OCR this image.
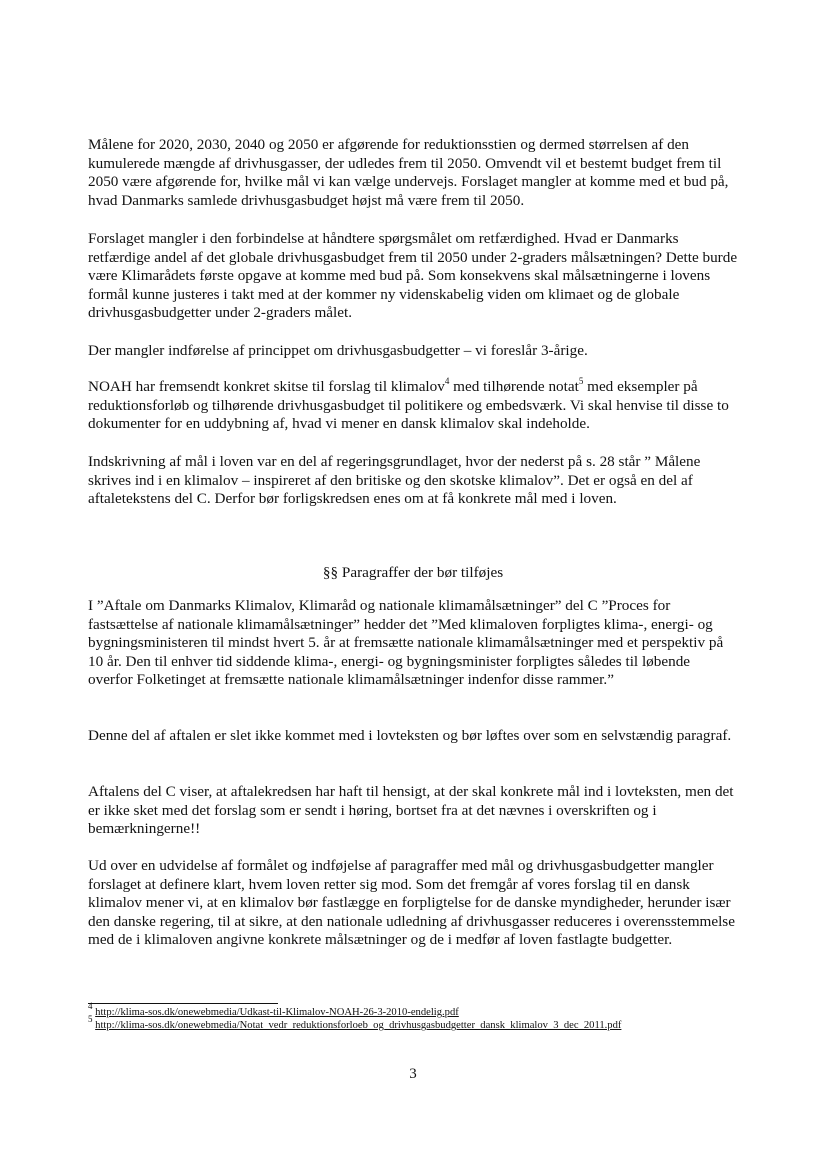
Målene for 2020, 2030, 2040 og 2050 er afgørende for reduktionsstien og dermed størrelsen af den kumulerede mængde af drivhusgasser, der udledes frem til 2050. Omvendt vil et bestemt budget frem til 2050 være afgørende for, hvilke mål vi kan vælge undervejs. Forslaget mangler at komme med et bud på, hvad Danmarks samlede drivhusgasbudget højst må være frem til 2050.

Forslaget mangler i den forbindelse at håndtere spørgsmålet om retfærdighed. Hvad er Danmarks retfærdige andel af det globale drivhusgasbudget frem til 2050 under 2-graders målsætningen? Dette burde være Klimarådets første opgave at komme med bud på. Som konsekvens skal målsætningerne i lovens formål kunne justeres i takt med at der kommer ny videnskabelig viden om klimaet og de globale drivhusgasbudgetter under 2-graders målet.

Der mangler indførelse af princippet om drivhusgasbudgetter – vi foreslår 3-årige.

NOAH har fremsendt konkret skitse til forslag til klimalov$^4$ med tilhørende notat$^5$ med eksempler på reduktionsforløb og tilhørende drivhusgasbudget til politikere og embedsværk. Vi skal henvise til disse to dokumenter for en uddybning af, hvad vi mener en dansk klimalov skal indeholde.

Indskrivning af mål i loven var en del af regeringsgrundlaget, hvor der nederst på s. 28 står ” Målene skrives ind i en klimalov – inspireret af den britiske og den skotske klimalov”. Det er også en del af aftaletekstens del C. Derfor bør forligskredsen enes om at få konkrete mål med i loven.

§§ Paragraffer der bør tilføjes

I ”Aftale om Danmarks Klimalov, Klimaråd og nationale klimamålsætninger” del C ”Proces for fastsættelse af nationale klimamålsætninger” hedder det ”Med klimaloven forpligtes klima-, energi- og bygningsministeren til mindst hvert 5. år at fremsætte nationale klimamålsætninger med et perspektiv på 10 år. Den til enhver tid siddende klima-, energi- og bygningsminister forpligtes således til løbende overfor Folketinget at fremsætte nationale klimamålsætninger indenfor disse rammer.”

Denne del af aftalen er slet ikke kommet med i lovteksten og bør løftes over som en selvstændig paragraf.

Aftalens del C viser, at aftalekredsen har haft til hensigt, at der skal konkrete mål ind i lovteksten, men det er ikke sket med det forslag som er sendt i høring, bortset fra at det nævnes i overskriften og i bemærkningerne!!

Ud over en udvidelse af formålet og indføjelse af paragraffer med mål og drivhusgasbudgetter mangler forslaget at definere klart, hvem loven retter sig mod. Som det fremgår af vores forslag til en dansk klimalov mener vi, at en klimalov bør fastlægge en forpligtelse for de danske myndigheder, herunder især den danske regering, til at sikre, at den nationale udledning af drivhusgasser reduceres i overensstemmelse med de i klimaloven angivne konkrete målsætninger og de i medfør af loven fastlagte budgetter.

$^4$ http://klima-sos.dk/onewebmedia/Udkast-til-Klimalov-NOAH-26-3-2010-endelig.pdf
$^5$ http://klima-sos.dk/onewebmedia/Notat_vedr_reduktionsforloeb_og_drivhusgasbudgetter_dansk_klimalov_3_dec_2011.pdf
3
